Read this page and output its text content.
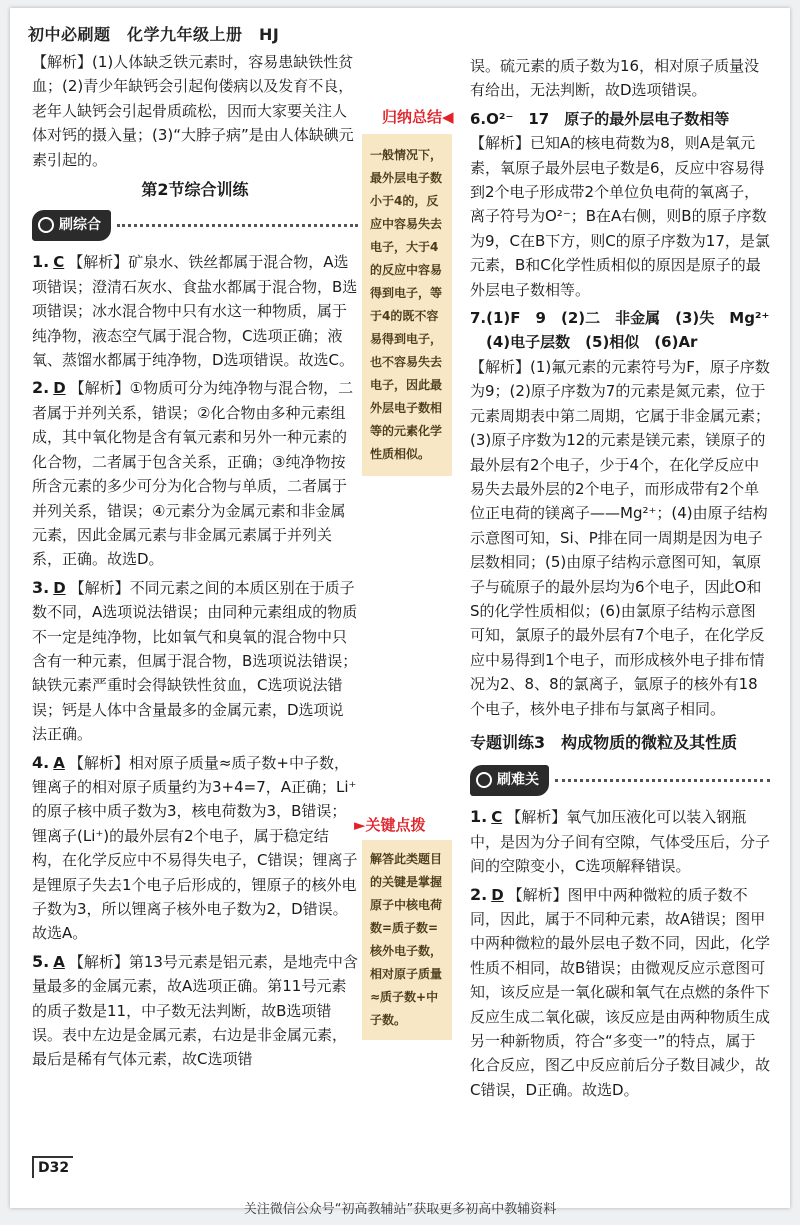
初中必刷题　化学九年级上册　HJ

【解析】(1)人体缺乏铁元素时，容易患缺铁性贫血；(2)青少年缺钙会引起佝偻病以及发育不良，老年人缺钙会引起骨质疏松，因而大家要关注人体对钙的摄入量；(3)“大脖子病”是由人体缺碘元素引起的。

第2节综合训练
刷综合

1. C 【解析】矿泉水、铁丝都属于混合物，A选项错误；澄清石灰水、食盐水都属于混合物，B选项错误；冰水混合物中只有水这一种物质，属于纯净物，液态空气属于混合物，C选项正确；液氧、蒸馏水都属于纯净物，D选项错误。故选C。

2. D 【解析】①物质可分为纯净物与混合物，二者属于并列关系，错误；②化合物由多种元素组成，其中氧化物是含有氧元素和另外一种元素的化合物，二者属于包含关系，正确；③纯净物按所含元素的多少可分为化合物与单质，二者属于并列关系，错误；④元素分为金属元素和非金属元素，因此金属元素与非金属元素属于并列关系，正确。故选D。

3. D 【解析】不同元素之间的本质区别在于质子数不同，A选项说法错误；由同种元素组成的物质不一定是纯净物，比如氧气和臭氧的混合物中只含有一种元素，但属于混合物，B选项说法错误；缺铁元素严重时会得缺铁性贫血，C选项说法错误；钙是人体中含量最多的金属元素，D选项说法正确。

4. A 【解析】相对原子质量≈质子数+中子数，锂离子的相对原子质量约为3+4=7，A正确；Li⁺的原子核中质子数为3，核电荷数为3，B错误；锂离子(Li⁺)的最外层有2个电子，属于稳定结构，在化学反应中不易得失电子，C错误；锂离子是锂原子失去1个电子后形成的，锂原子的核外电子数为3，所以锂离子核外电子数为2，D错误。故选A。

5. A 【解析】第13号元素是铝元素，是地壳中含量最多的金属元素，故A选项正确。第11号元素的质子数是11，中子数无法判断，故B选项错误。表中左边是金属元素，右边是非金属元素，最后是稀有气体元素，故C选项错

归纳总结◀
一般情况下，最外层电子数小于4的，反应中容易失去电子，大于4的反应中容易得到电子，等于4的既不容易得到电子，也不容易失去电子，因此最外层电子数相等的元素化学性质相似。
►关键点拨
解答此类题目的关键是掌握原子中核电荷数=质子数=核外电子数，相对原子质量≈质子数+中子数。

误。硫元素的质子数为16，相对原子质量没有给出，无法判断，故D选项错误。

6.O²⁻　17　原子的最外层电子数相等

【解析】已知A的核电荷数为8，则A是氧元素，氧原子最外层电子数是6，反应中容易得到2个电子形成带2个单位负电荷的氧离子，离子符号为O²⁻；B在A右侧，则B的原子序数为9，C在B下方，则C的原子序数为17，是氯元素，B和C化学性质相似的原因是原子的最外层电子数相等。

7.(1)F　9　(2)二　非金属　(3)失　Mg²⁺

(4)电子层数　(5)相似　(6)Ar

【解析】(1)氟元素的元素符号为F，原子序数为9；(2)原子序数为7的元素是氮元素，位于元素周期表中第二周期，它属于非金属元素；(3)原子序数为12的元素是镁元素，镁原子的最外层有2个电子，少于4个，在化学反应中易失去最外层的2个电子，而形成带有2个单位正电荷的镁离子——Mg²⁺；(4)由原子结构示意图可知，Si、P排在同一周期是因为电子层数相同；(5)由原子结构示意图可知，氧原子与硫原子的最外层均为6个电子，因此O和S的化学性质相似；(6)由氯原子结构示意图可知，氯原子的最外层有7个电子，在化学反应中易得到1个电子，而形成核外电子排布情况为2、8、8的氯离子，氩原子的核外有18个电子，核外电子排布与氯离子相同。

专题训练3　构成物质的微粒及其性质
刷难关

1. C 【解析】氧气加压液化可以装入钢瓶中，是因为分子间有空隙，气体受压后，分子间的空隙变小，C选项解释错误。

2. D 【解析】图甲中两种微粒的质子数不同，因此，属于不同种元素，故A错误；图甲中两种微粒的最外层电子数不同，因此，化学性质不相同，故B错误；由微观反应示意图可知，该反应是一氧化碳和氧气在点燃的条件下反应生成二氧化碳，该反应是由两种物质生成另一种新物质，符合“多变一”的特点，属于化合反应，图乙中反应前后分子数目减少，故C错误，D正确。故选D。

D32
关注微信公众号“初高教辅站”获取更多初高中教辅资料
